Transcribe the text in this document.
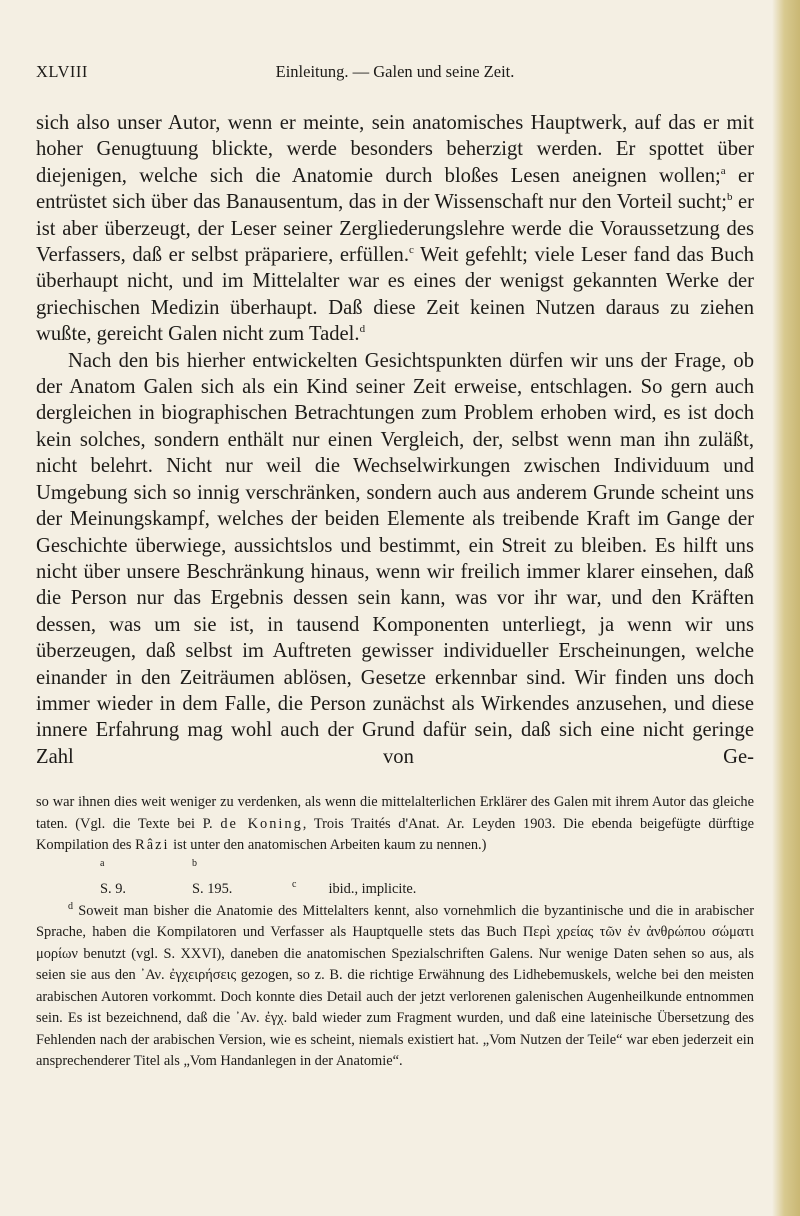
Einleitung. — Galen und seine Zeit.
XLVIII

sich also unser Autor, wenn er meinte, sein anatomisches Hauptwerk, auf das er mit hoher Genugtuung blickte, werde besonders beherzigt werden. Er spottet über diejenigen, welche sich die Anatomie durch bloßes Lesen aneignen wollen;$^a$ er entrüstet sich über das Banausentum, das in der Wissenschaft nur den Vorteil sucht;$^b$ er ist aber überzeugt, der Leser seiner Zergliederungslehre werde die Voraussetzung des Verfassers, daß er selbst präpariere, erfüllen.$^c$ Weit gefehlt; viele Leser fand das Buch überhaupt nicht, und im Mittelalter war es eines der wenigst gekannten Werke der griechischen Medizin überhaupt. Daß diese Zeit keinen Nutzen daraus zu ziehen wußte, gereicht Galen nicht zum Tadel.$^d$

Nach den bis hierher entwickelten Gesichtspunkten dürfen wir uns der Frage, ob der Anatom Galen sich als ein Kind seiner Zeit erweise, entschlagen. So gern auch dergleichen in biographischen Betrachtungen zum Problem erhoben wird, es ist doch kein solches, sondern enthält nur einen Vergleich, der, selbst wenn man ihn zuläßt, nicht belehrt. Nicht nur weil die Wechselwirkungen zwischen Individuum und Umgebung sich so innig verschränken, sondern auch aus anderem Grunde scheint uns der Meinungskampf, welches der beiden Elemente als treibende Kraft im Gange der Geschichte überwiege, aussichtslos und bestimmt, ein Streit zu bleiben. Es hilft uns nicht über unsere Beschränkung hinaus, wenn wir freilich immer klarer einsehen, daß die Person nur das Ergebnis dessen sein kann, was vor ihr war, und den Kräften dessen, was um sie ist, in tausend Komponenten unterliegt, ja wenn wir uns überzeugen, daß selbst im Auftreten gewisser individueller Erscheinungen, welche einander in den Zeiträumen ablösen, Gesetze erkennbar sind. Wir finden uns doch immer wieder in dem Falle, die Person zunächst als Wirkendes anzusehen, und diese innere Erfahrung mag wohl auch der Grund dafür sein, daß sich eine nicht geringe Zahl von Ge-

so war ihnen dies weit weniger zu verdenken, als wenn die mittelalterlichen Erklärer des Galen mit ihrem Autor das gleiche taten. (Vgl. die Texte bei P. de Koning, Trois Traités d'Anat. Ar. Leyden 1903. Die ebenda beigefügte dürftige Kompilation des Râzi ist unter den anatomischen Arbeiten kaum zu nennen.)

$^a$S. 9.$^b$S. 195.	$^c$ibid., implicite.

$^d$ Soweit man bisher die Anatomie des Mittelalters kennt, also vornehmlich die byzantinische und die in arabischer Sprache, haben die Kompilatoren und Verfasser als Hauptquelle stets das Buch Περὶ χρείας τῶν ἐν ἀνθρώπου σώματι μορίων benutzt (vgl. S. XXVI), daneben die anatomischen Spezialschriften Galens. Nur wenige Daten sehen so aus, als seien sie aus den ᾿Αν. ἐγχειρήσεις gezogen, so z. B. die richtige Erwähnung des Lidhebemuskels, welche bei den meisten arabischen Autoren vorkommt. Doch konnte dies Detail auch der jetzt verlorenen galenischen Augenheilkunde entnommen sein. Es ist bezeichnend, daß die ᾿Αν. ἐγχ. bald wieder zum Fragment wurden, und daß eine lateinische Übersetzung des Fehlenden nach der arabischen Version, wie es scheint, niemals existiert hat. „Vom Nutzen der Teile“ war eben jederzeit ein ansprechenderer Titel als „Vom Handanlegen in der Anatomie“.
